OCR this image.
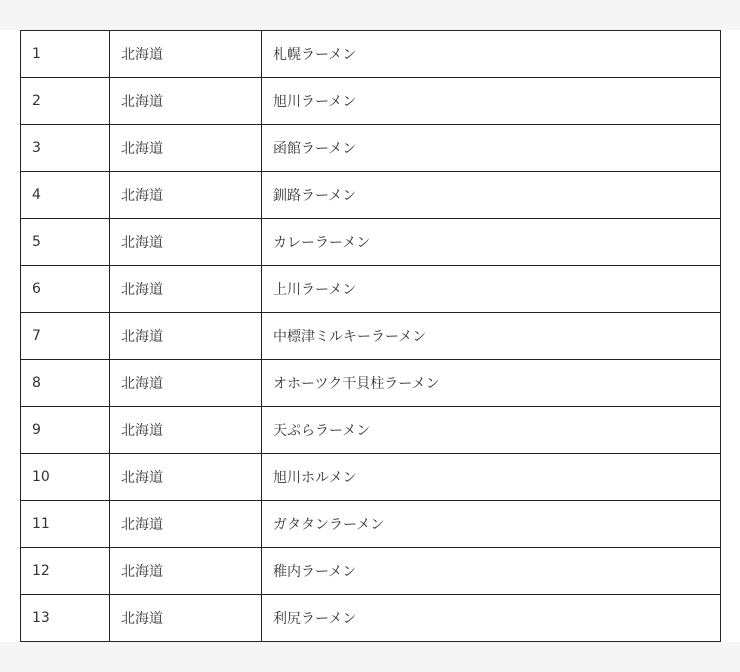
1	北海道	札幌ラーメン
2	北海道	旭川ラーメン
3	北海道	函館ラーメン
4	北海道	釧路ラーメン
5	北海道	カレーラーメン
6	北海道	上川ラーメン
7	北海道	中標津ミルキーラーメン
8	北海道	オホーツク干貝柱ラーメン
9	北海道	天ぷらラーメン
10	北海道	旭川ホルメン
11	北海道	ガタタンラーメン
12	北海道	稚内ラーメン
13	北海道	利尻ラーメン
